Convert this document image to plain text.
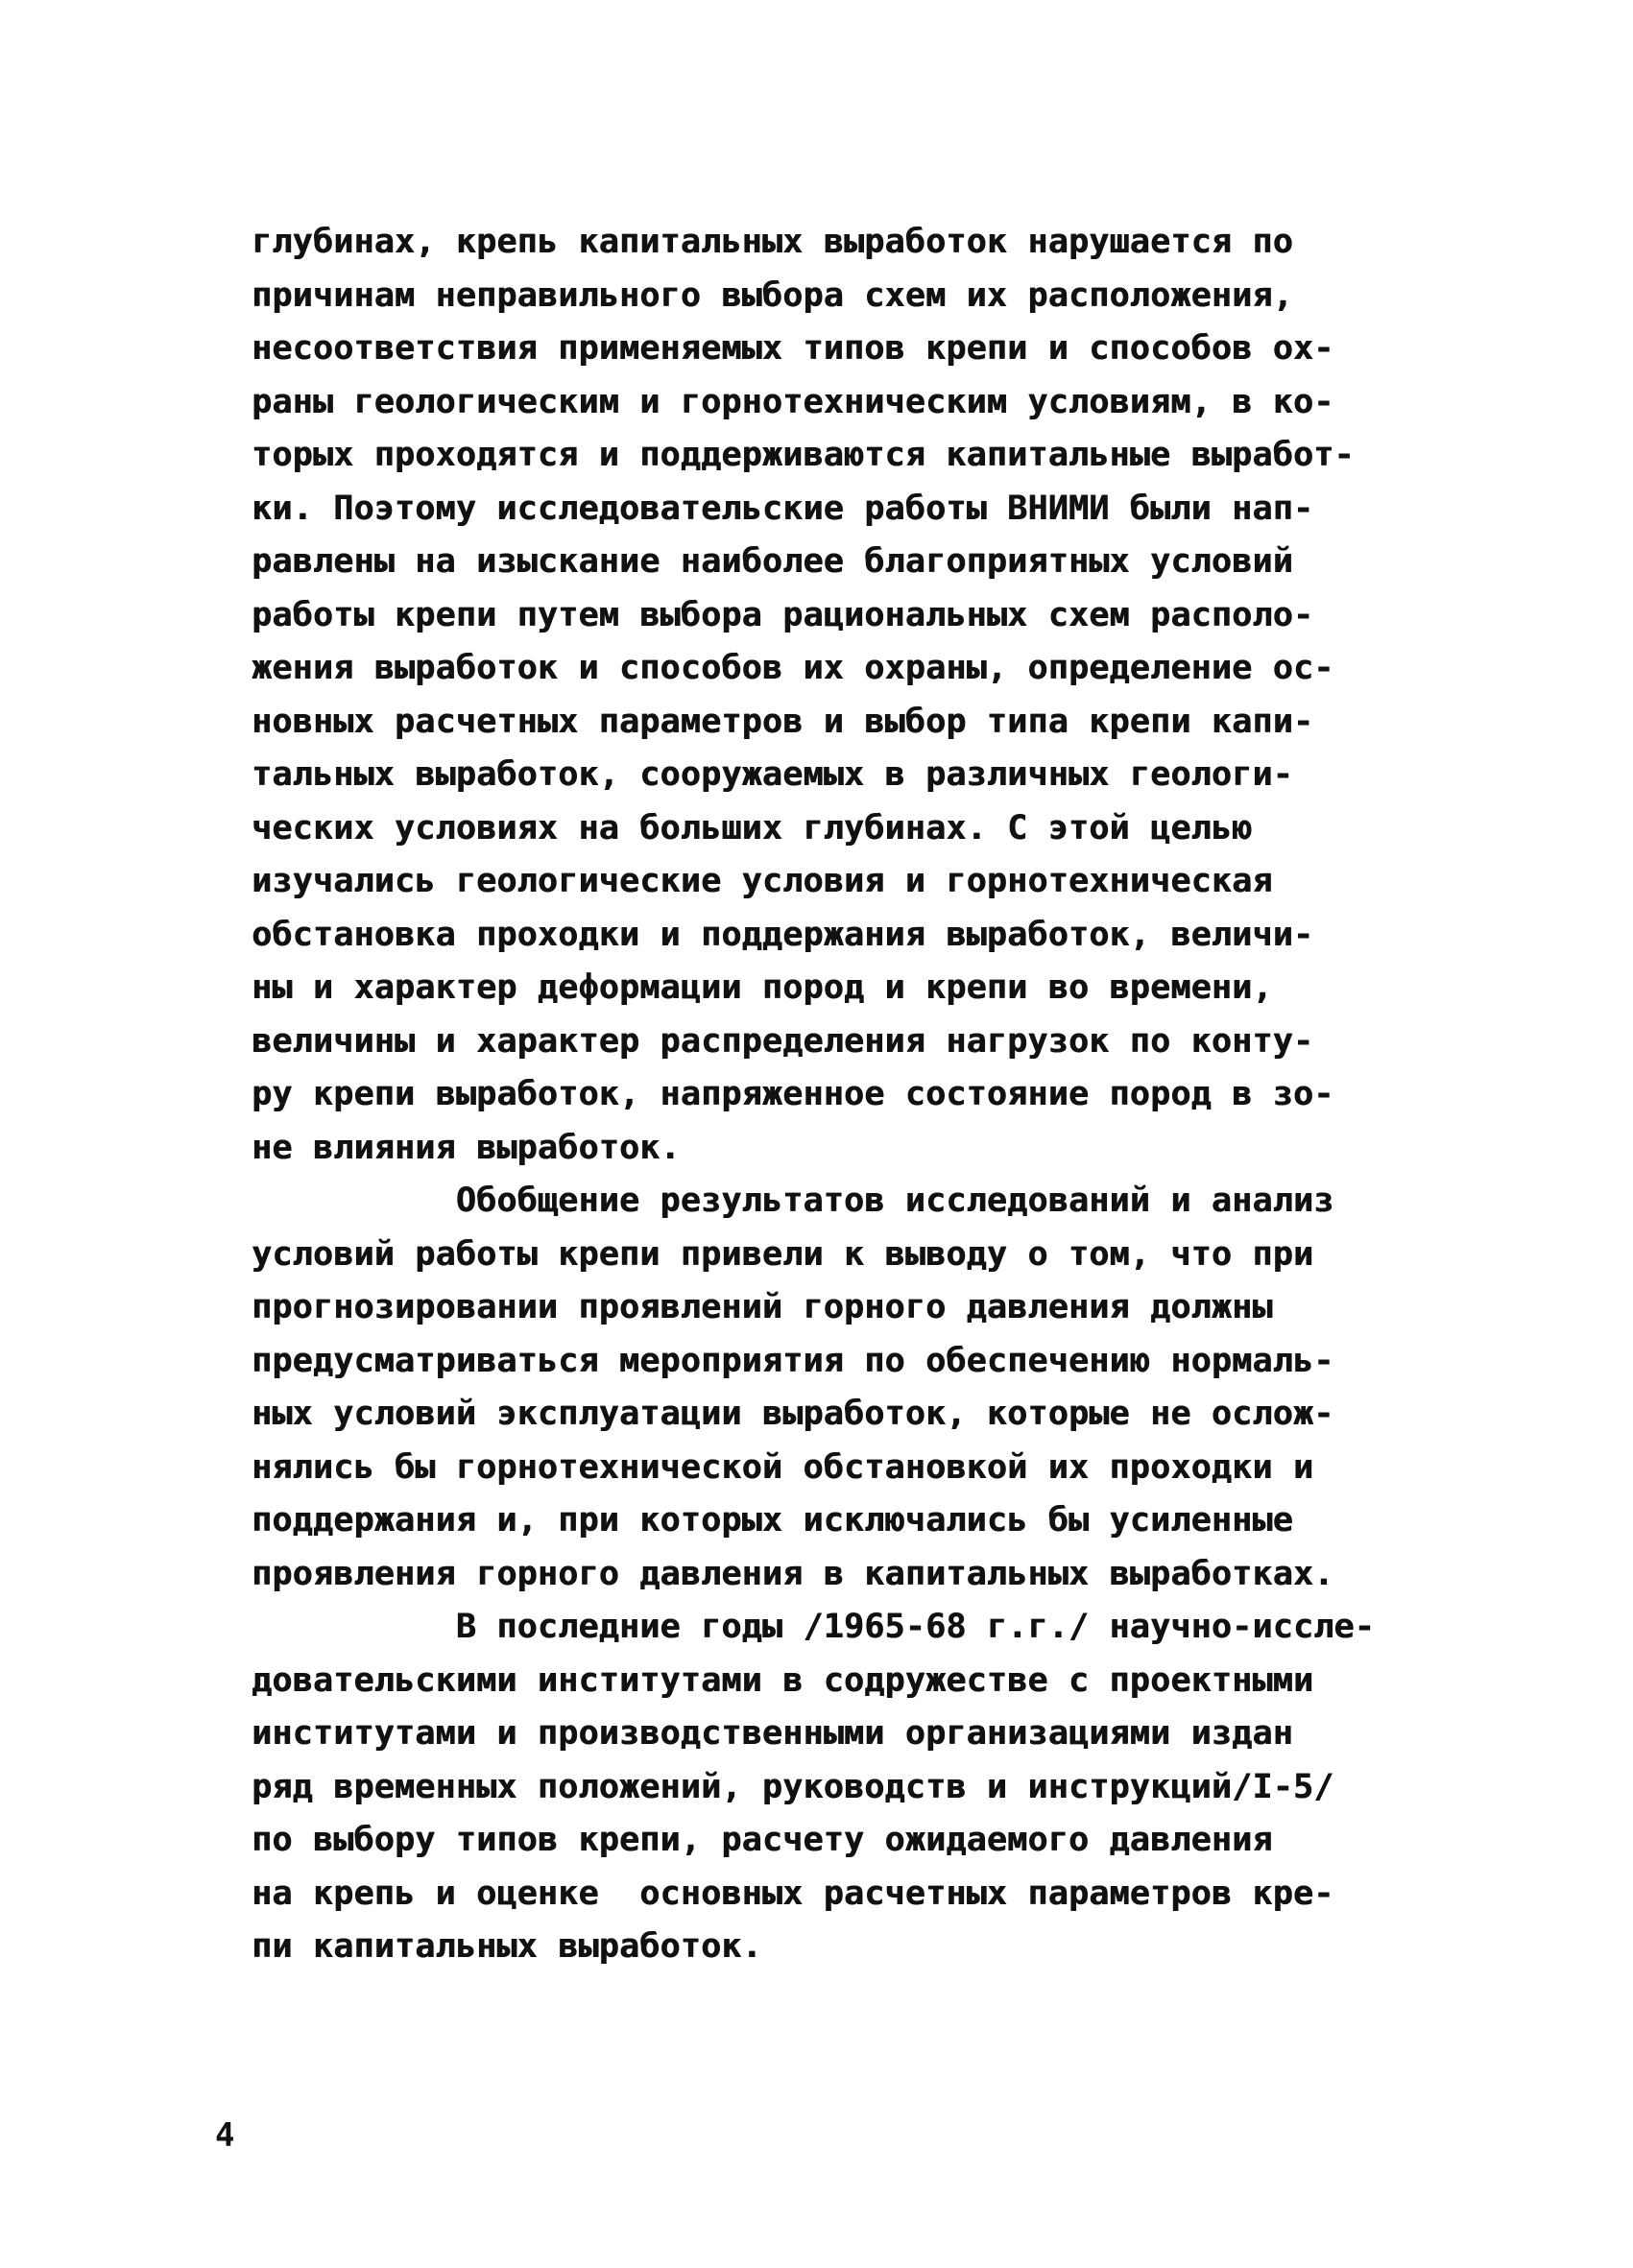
глубинах, крепь капитальных выработок нарушается по
причинам неправильного выбора схем их расположения,
несоответствия применяемых типов крепи и способов ох-
раны геологическим и горнотехническим условиям, в ко-
торых проходятся и поддерживаются капитальные выработ-
ки. Поэтому исследовательские работы ВНИМИ были нап-
равлены на изыскание наиболее благоприятных условий
работы крепи путем выбора рациональных схем располо-
жения выработок и способов их охраны, определение ос-
новных расчетных параметров и выбор типа крепи капи-
тальных выработок, сооружаемых в различных геологи-
ческих условиях на больших глубинах. С этой целью
изучались геологические условия и горнотехническая
обстановка проходки и поддержания выработок, величи-
ны и характер деформации пород и крепи во времени,
величины и характер распределения нагрузок по конту-
ру крепи выработок, напряженное состояние пород в зо-
не влияния выработок.
Обобщение результатов исследований и анализ
условий работы крепи привели к выводу о том, что при
прогнозировании проявлений горного давления должны
предусматриваться мероприятия по обеспечению нормаль-
ных условий эксплуатации выработок, которые не ослож-
нялись бы горнотехнической обстановкой их проходки и
поддержания и, при которых исключались бы усиленные
проявления горного давления в капитальных выработках.
В последние годы /1965-68 г.г./ научно-иссле-
довательскими институтами в содружестве с проектными
институтами и производственными организациями издан
ряд временных положений, руководств и инструкций/I-5/
по выбору типов крепи, расчету ожидаемого давления
на крепь и оценке  основных расчетных параметров кре-
пи капитальных выработок.
4
